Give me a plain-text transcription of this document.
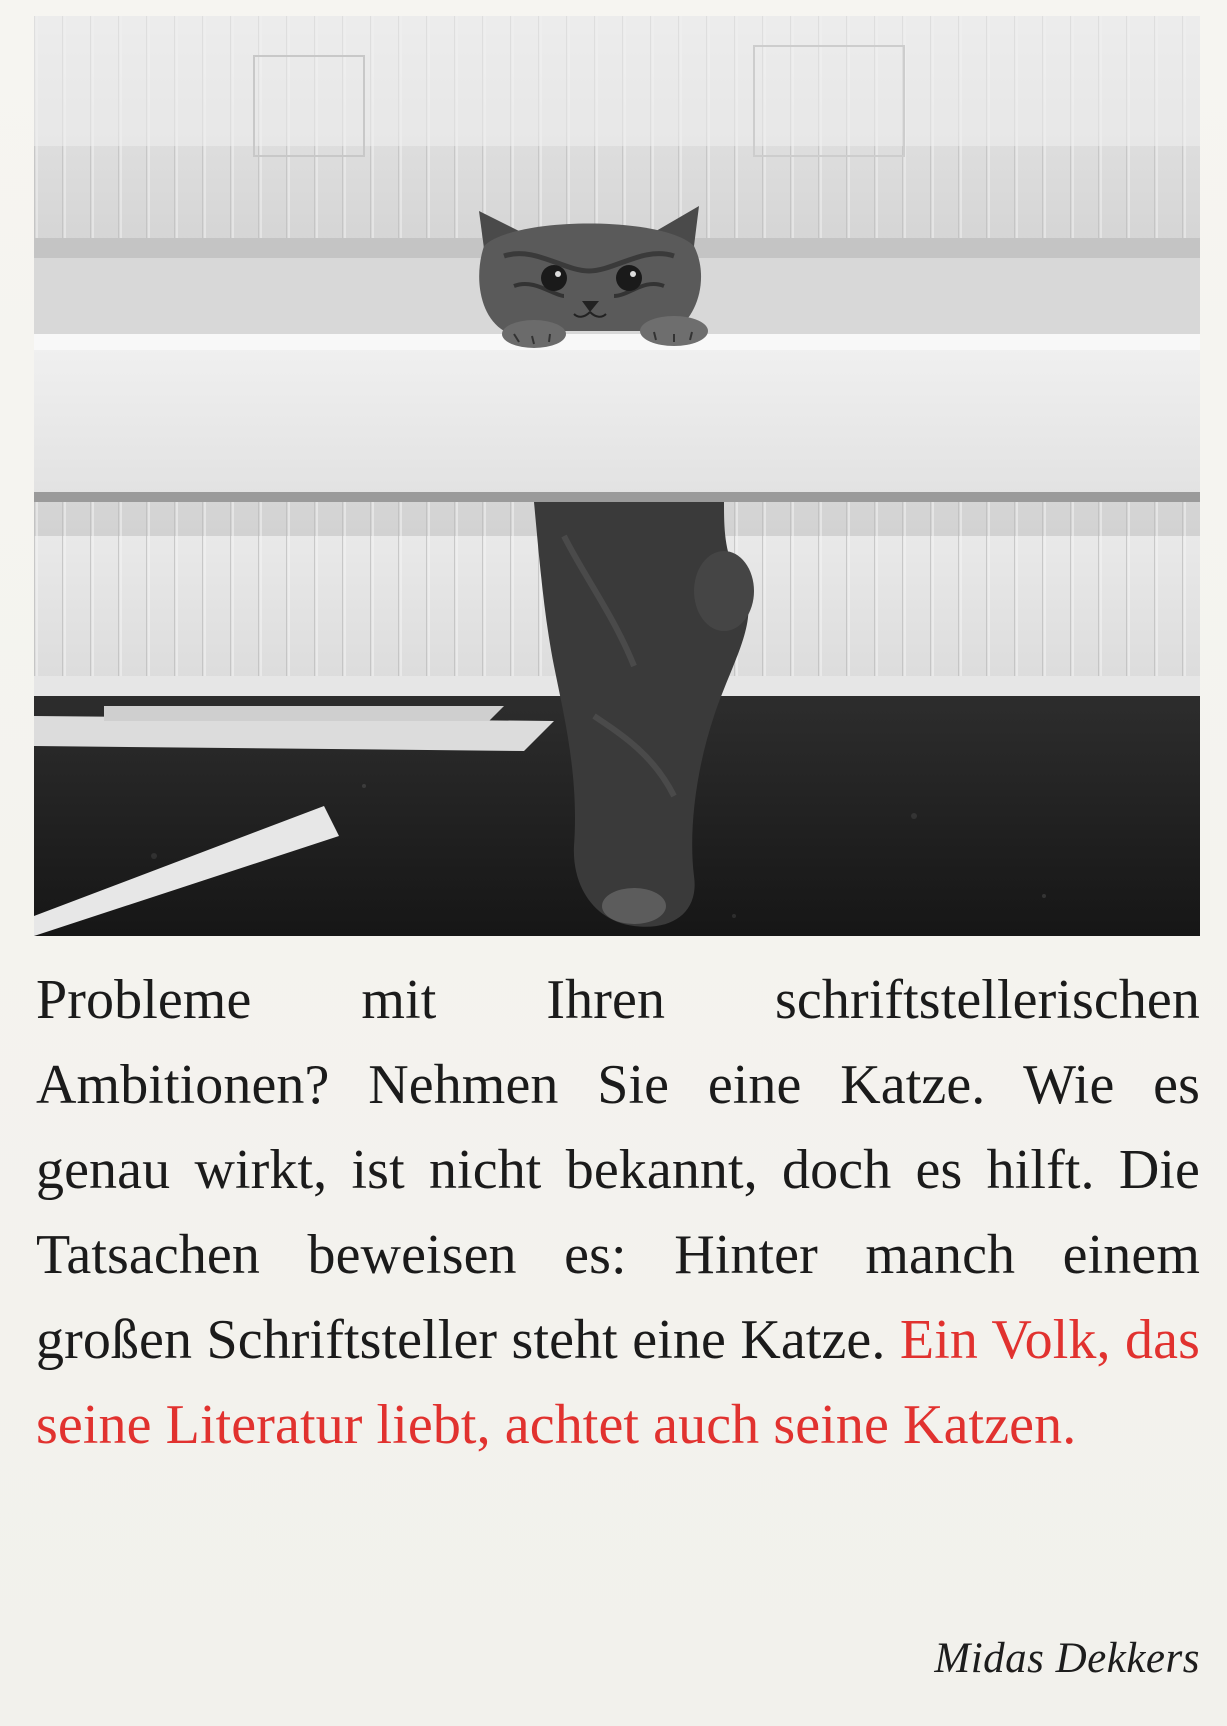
Probleme mit Ihren schriftstellerischen Ambitionen? Nehmen Sie eine Katze. Wie es genau wirkt, ist nicht bekannt, doch es hilft. Die Tatsachen beweisen es: Hinter manch einem großen Schriftsteller steht eine Katze. Ein Volk, das seine Literatur liebt, achtet auch seine Katzen.
Midas Dekkers
